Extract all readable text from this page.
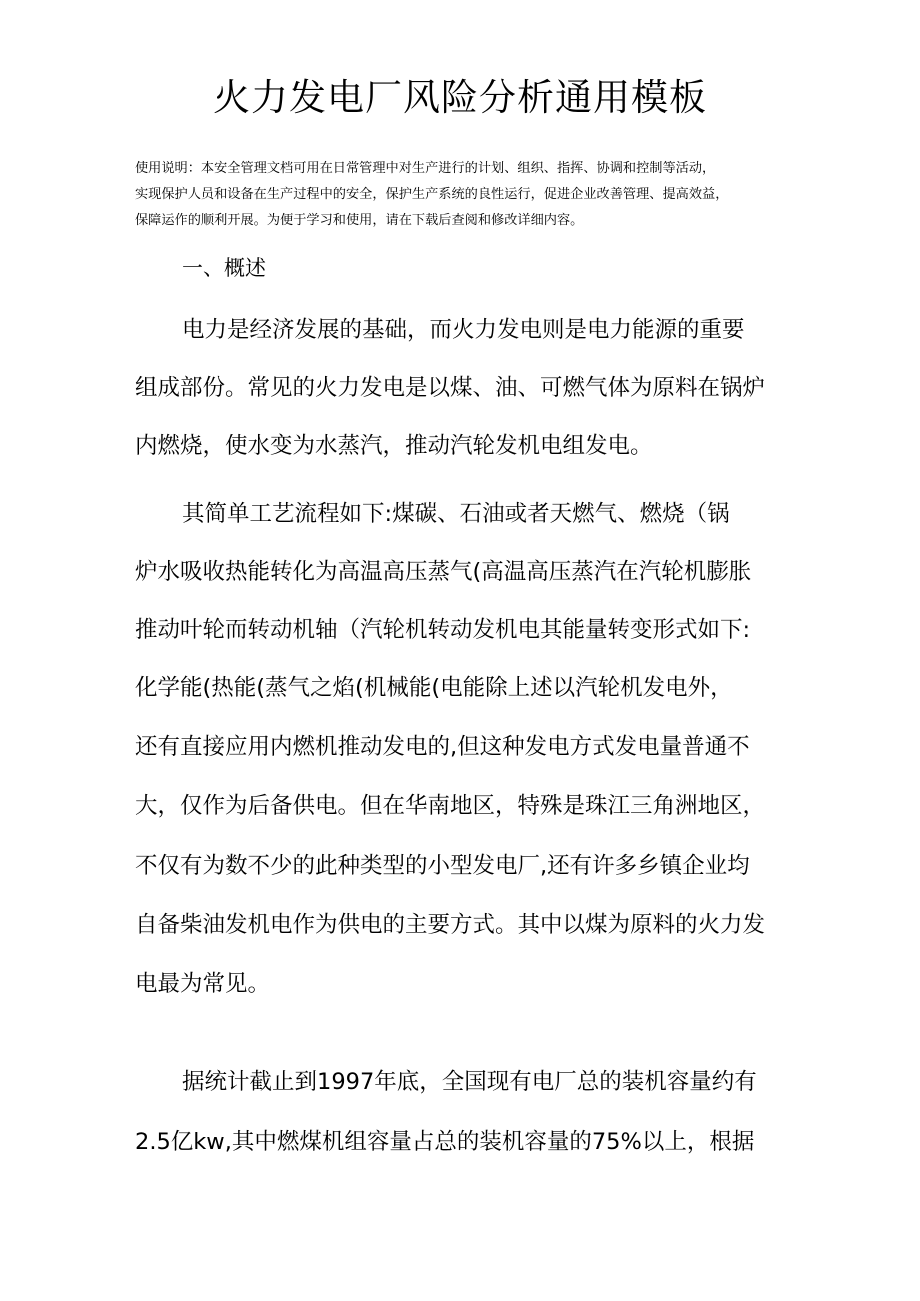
火力发电厂风险分析通用模板

使用说明：本安全管理文档可用在日常管理中对生产进行的计划、组织、指挥、协调和控制等活动，
实现保护人员和设备在生产过程中的安全，保护生产系统的良性运行，促进企业改善管理、提高效益，
保障运作的顺利开展。为便于学习和使用，请在下载后查阅和修改详细内容。

一、概述

电力是经济发展的基础，而火力发电则是电力能源的重要

组成部份。常见的火力发电是以煤、油、可燃气体为原料在锅炉

内燃烧，使水变为水蒸汽，推动汽轮发机电组发电。

其简单工艺流程如下:煤碳、石油或者天燃气、燃烧（锅

炉水吸收热能转化为高温高压蒸气(高温高压蒸汽在汽轮机膨胀

推动叶轮而转动机轴（汽轮机转动发机电其能量转变形式如下:

化学能(热能(蒸气之焰(机械能(电能除上述以汽轮机发电外，

还有直接应用内燃机推动发电的,但这种发电方式发电量普通不

大，仅作为后备供电。但在华南地区，特殊是珠江三角洲地区，

不仅有为数不少的此种类型的小型发电厂,还有许多乡镇企业均

自备柴油发机电作为供电的主要方式。其中以煤为原料的火力发

电最为常见。

据统计截止到1997年底，全国现有电厂总的装机容量约有

2.5亿kw,其中燃煤机组容量占总的装机容量的75%以上，根据
